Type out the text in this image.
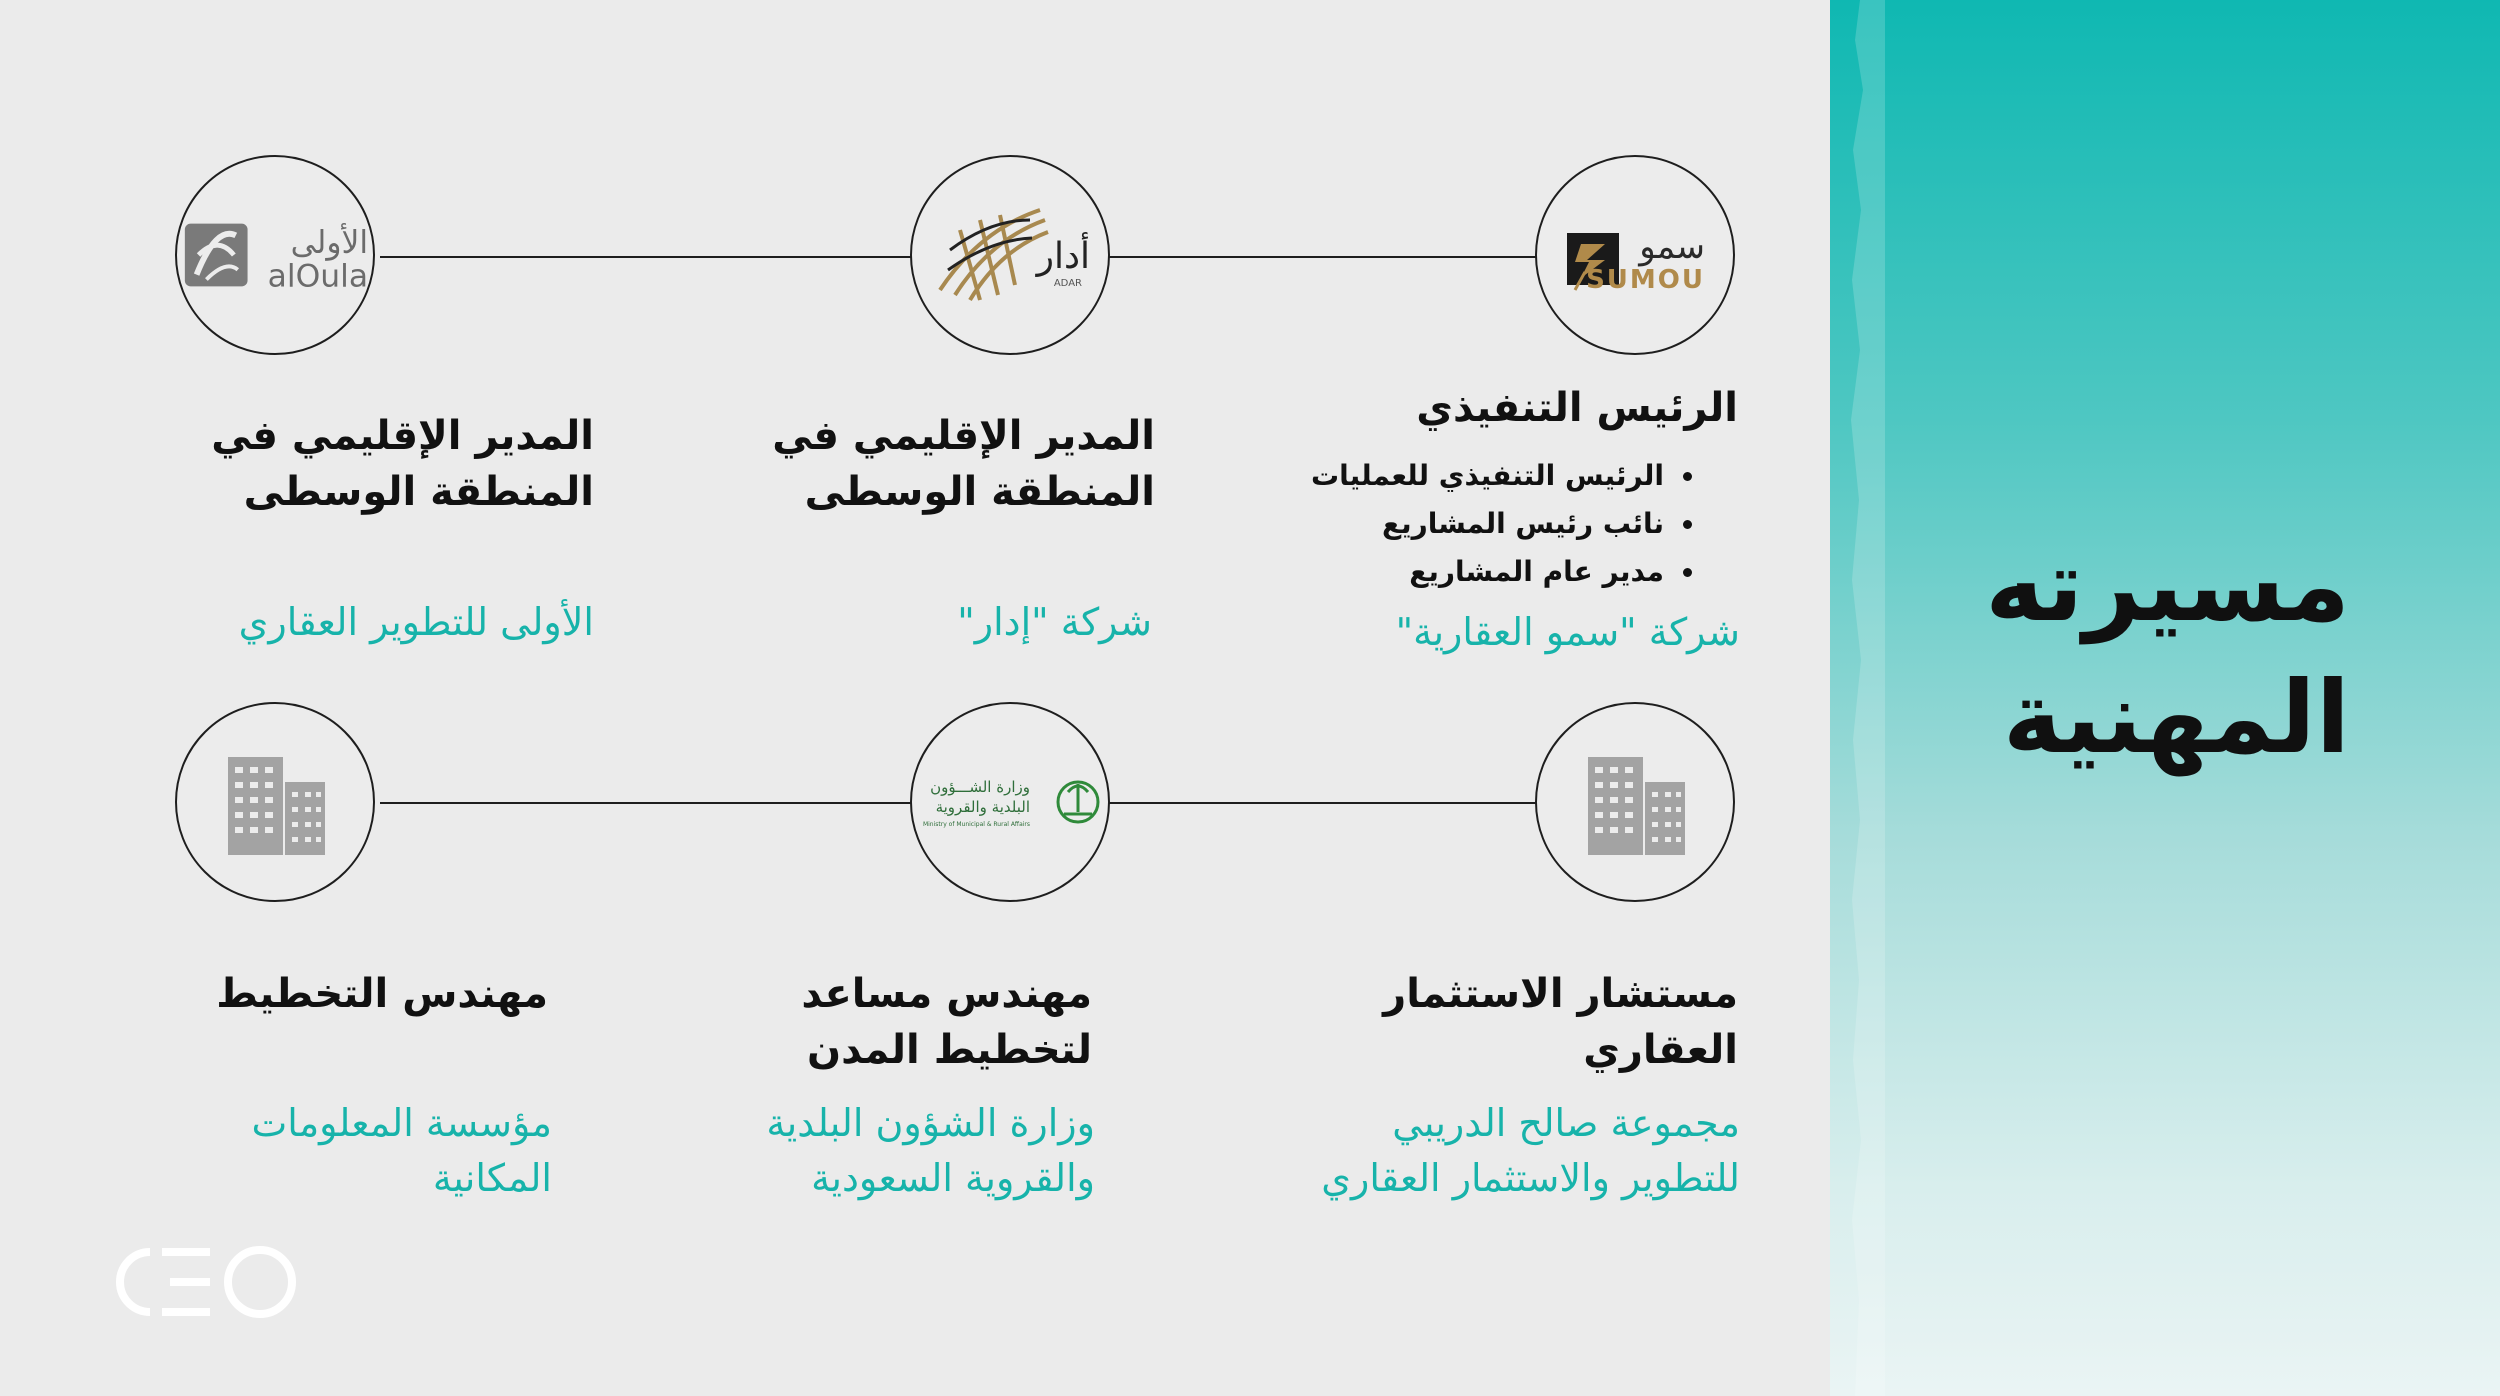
مسيرته
المهنية
سمو
SUMOU
أدار
ADAR
الأولى
alOula
وزارة الشـــؤون
البلدية والقروية
Ministry of Municipal & Rural Affairs
الرئيس التنفيذي
• الرئيس التنفيذي للعمليات
• نائب رئيس المشاريع
• مدير عام المشاريع
شركة "سمو العقارية"
المدير الإقليمي في
المنطقة الوسطى
شركة "إدار"
المدير الإقليمي في
المنطقة الوسطى
الأولى للتطوير العقاري
مستشار الاستثمار
العقاري
مجموعة صالح الدريبي
للتطوير والاستثمار العقاري
مهندس مساعد
لتخطيط المدن
وزارة الشؤون البلدية
والقروية السعودية
مهندس التخطيط
مؤسسة المعلومات
المكانية
CEO
